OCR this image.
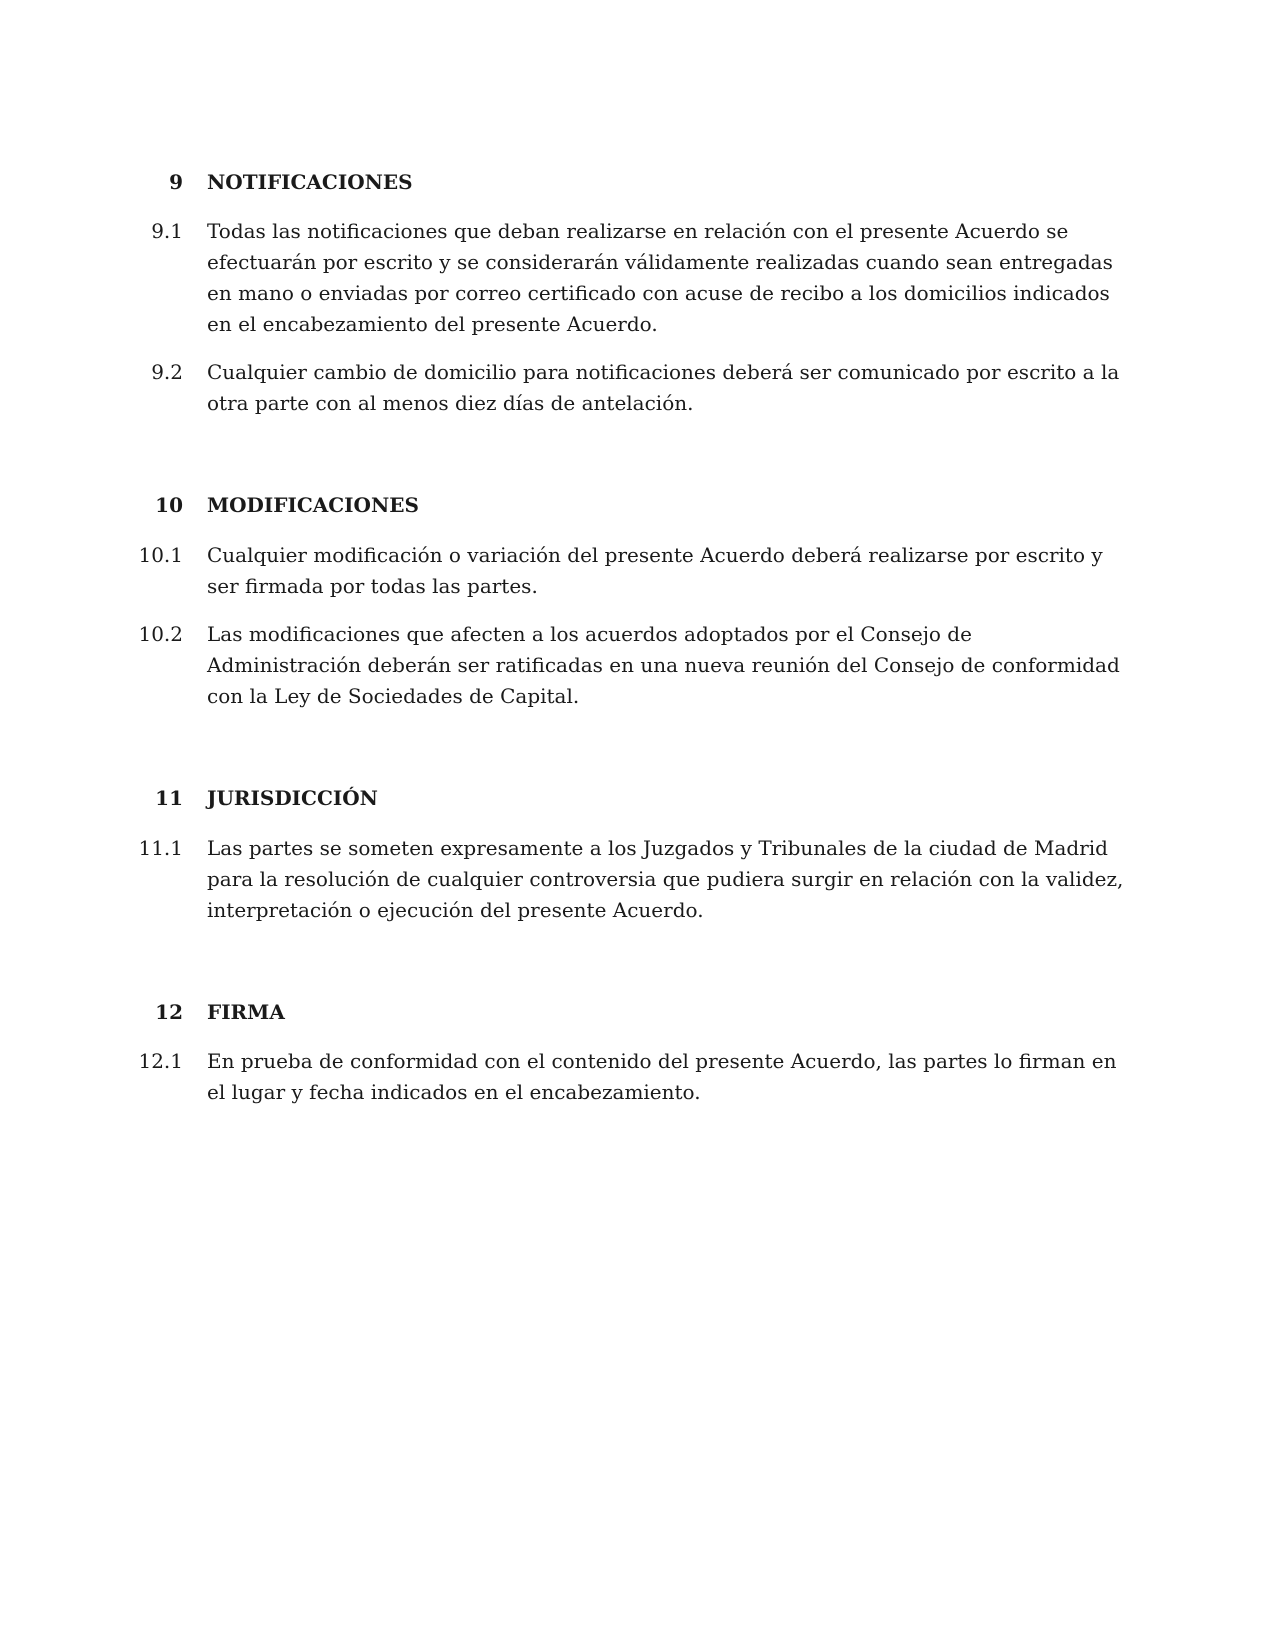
9 NOTIFICACIONES
9.1 Todas las notificaciones que deban realizarse en relación con el presente Acuerdo se efectuarán por escrito y se considerarán válidamente realizadas cuando sean entregadas en mano o enviadas por correo certificado con acuse de recibo a los domicilios indicados en el encabezamiento del presente Acuerdo.
9.2 Cualquier cambio de domicilio para notificaciones deberá ser comunicado por escrito a la otra parte con al menos diez días de antelación.
10 MODIFICACIONES
10.1 Cualquier modificación o variación del presente Acuerdo deberá realizarse por escrito y ser firmada por todas las partes.
10.2 Las modificaciones que afecten a los acuerdos adoptados por el Consejo de Administración deberán ser ratificadas en una nueva reunión del Consejo de conformidad con la Ley de Sociedades de Capital.
11 JURISDICCIÓN
11.1 Las partes se someten expresamente a los Juzgados y Tribunales de la ciudad de Madrid para la resolución de cualquier controversia que pudiera surgir en relación con la validez, interpretación o ejecución del presente Acuerdo.
12 FIRMA
12.1 En prueba de conformidad con el contenido del presente Acuerdo, las partes lo firman en el lugar y fecha indicados en el encabezamiento.
